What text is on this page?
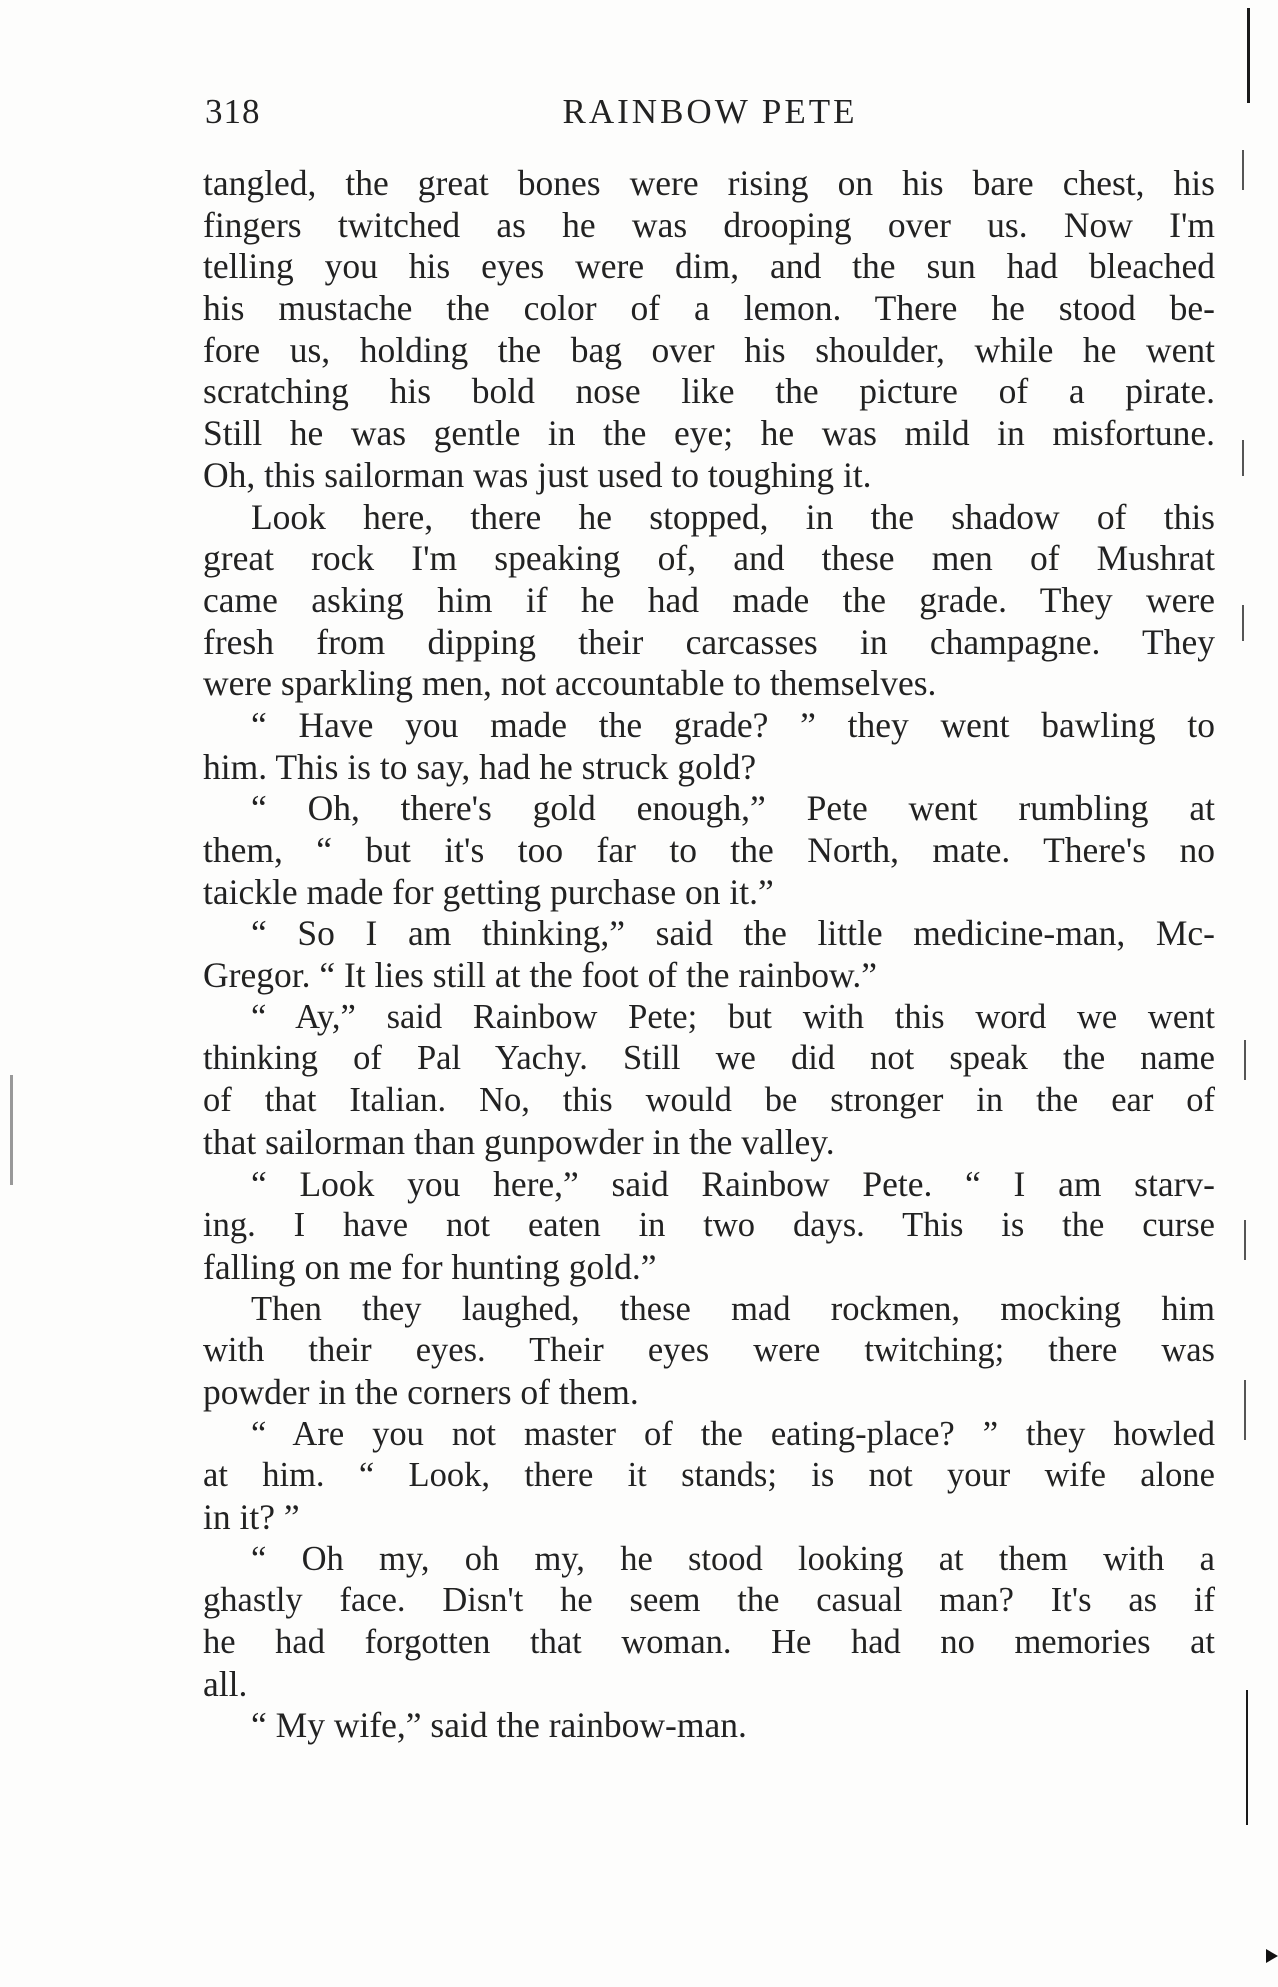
318	RAINBOW PETE
tangled, the great bones were rising on his bare chest, his
fingers twitched as he was drooping over us. Now I'm
telling you his eyes were dim, and the sun had bleached
his mustache the color of a lemon. There he stood be-
fore us, holding the bag over his shoulder, while he went
scratching his bold nose like the picture of a pirate.
Still he was gentle in the eye; he was mild in misfortune.
Oh, this sailorman was just used to toughing it.
Look here, there he stopped, in the shadow of this
great rock I'm speaking of, and these men of Mushrat
came asking him if he had made the grade. They were
fresh from dipping their carcasses in champagne. They
were sparkling men, not accountable to themselves.
“ Have you made the grade? ” they went bawling to
him. This is to say, had he struck gold?
“ Oh, there's gold enough,” Pete went rumbling at
them, “ but it's too far to the North, mate. There's no
taickle made for getting purchase on it.”
“ So I am thinking,” said the little medicine-man, Mc-
Gregor. “ It lies still at the foot of the rainbow.”
“ Ay,” said Rainbow Pete; but with this word we went
thinking of Pal Yachy. Still we did not speak the name
of that Italian. No, this would be stronger in the ear of
that sailorman than gunpowder in the valley.
“ Look you here,” said Rainbow Pete. “ I am starv-
ing. I have not eaten in two days. This is the curse
falling on me for hunting gold.”
Then they laughed, these mad rockmen, mocking him
with their eyes. Their eyes were twitching; there was
powder in the corners of them.
“ Are you not master of the eating-place? ” they howled
at him. “ Look, there it stands; is not your wife alone
in it? ”
“ Oh my, oh my, he stood looking at them with a
ghastly face. Disn't he seem the casual man? It's as if
he had forgotten that woman. He had no memories at
all.
“ My wife,” said the rainbow-man.
